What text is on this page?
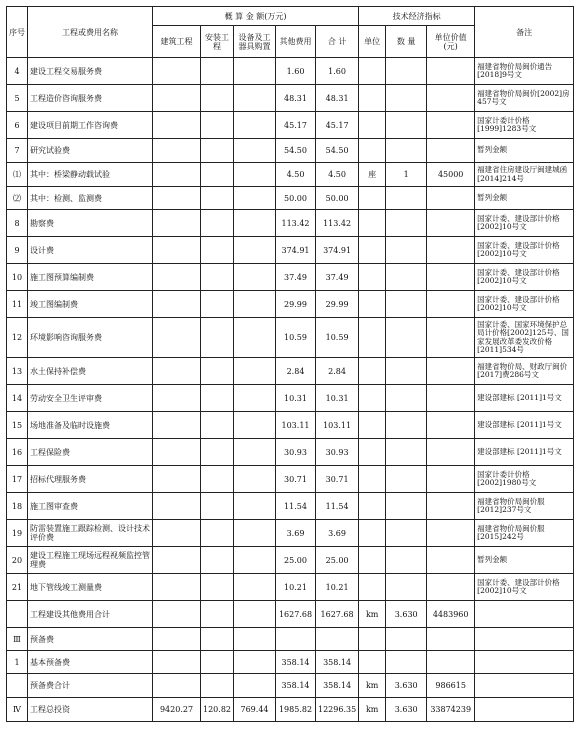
序号	工程或费用名称	概 算 金 额(万元)					技术经济指标			备注
		建筑工程	安装工程	设备及工器具购置	其他费用	合 计	单位	数 量	单位价值(元)	
4	建设工程交易服务费				1.60	1.60				福建省物价局闽价通告[2018]9号文
5	工程造价咨询服务费				48.31	48.31				福建省物价局闽价[2002]房457号文
6	建设项目前期工作咨询费				45.17	45.17				国家计委计价格[1999]1283号文
7	研究试验费				54.50	54.50				暂列金额
⑴	其中：桥梁静动载试验				4.50	4.50	座	1	45000	福建省住房建设厅闽建城函[2014]214号
⑵	其中：检测、监测费				50.00	50.00				暂列金额
8	勘察费				113.42	113.42				国家计委、建设部计价格[2002]10号文
9	设计费				374.91	374.91				国家计委、建设部计价格[2002]10号文
10	施工图预算编制费				37.49	37.49				国家计委、建设部计价格[2002]10号文
11	竣工图编制费				29.99	29.99				国家计委、建设部计价格[2002]10号文
12	环境影响咨询服务费				10.59	10.59				国家计委、国家环境保护总局计价格[2002]125号、国家发展改革委发改价格[2011]534号
13	水土保持补偿费				2.84	2.84				福建省物价局、财政厅闽价[2017]费286号文
14	劳动安全卫生评审费				10.31	10.31				建设部建标 [2011]1号文
15	场地准备及临时设施费				103.11	103.11				建设部建标 [2011]1号文
16	工程保险费				30.93	30.93				建设部建标 [2011]1号文
17	招标代理服务费				30.71	30.71				国家计委计价格[2002]1980号文
18	施工图审查费				11.54	11.54				福建省物价局闽价服[2012]237号文
19	防雷装置施工跟踪检测、设计技术评价费				3.69	3.69				福建省物价局闽价服[2015]242号
20	建设工程施工现场远程视频监控管理费				25.00	25.00				暂列金额
21	地下管线竣工测量费				10.21	10.21				国家计委、建设部计价格[2002]10号文
	工程建设其他费用合计				1627.68	1627.68	km	3.630	4483960	
Ⅲ	预备费									
1	基本预备费				358.14	358.14				
	预备费合计				358.14	358.14	km	3.630	986615	
Ⅳ	工程总投资	9420.27	120.82	769.44	1985.82	12296.35	km	3.630	33874239	
